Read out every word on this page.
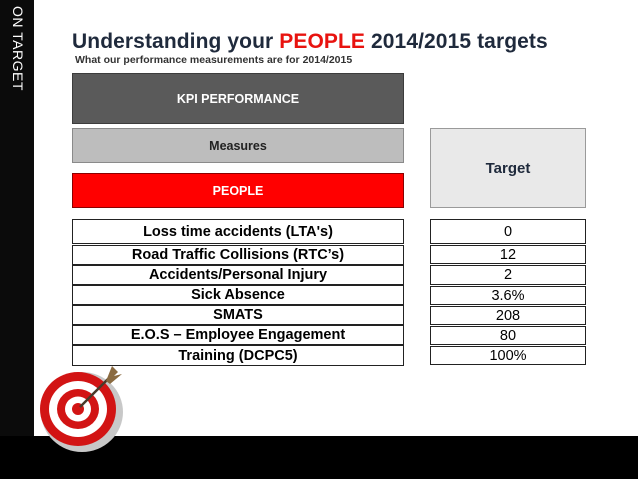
ON TARGET Understanding your PEOPLE 2014/2015 targets
What our performance measurements are for 2014/2015
KPI PERFORMANCE
Measures
PEOPLE
Target
Loss time accidents (LTA's)
Road Traffic Collisions (RTC’s)
Accidents/Personal Injury
Sick Absence
SMATS
E.O.S – Employee Engagement
Training (DCPC5)
0
12
2
3.6%
208
80
100%
